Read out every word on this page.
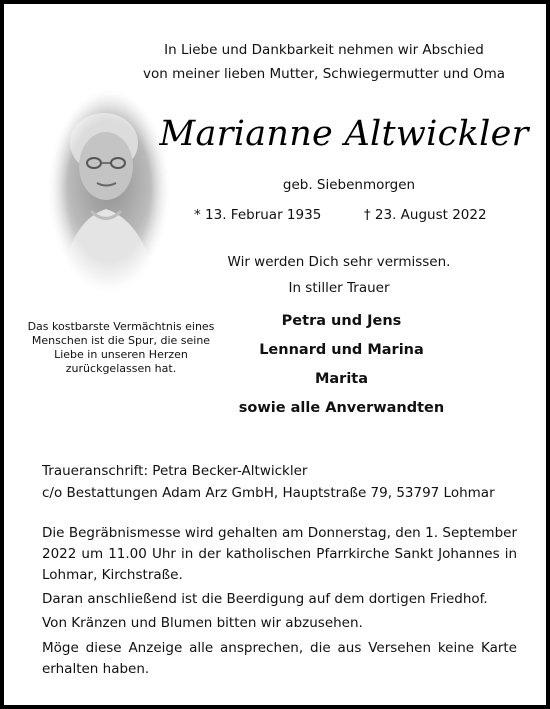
In Liebe und Dankbarkeit nehmen wir Abschied
von meiner lieben Mutter, Schwiegermutter und Oma
Marianne Altwickler
geb. Siebenmorgen
* 13. Februar 1935	† 23. August 2022
Wir werden Dich sehr vermissen.
In stiller Trauer
Das kostbarste Vermächtnis eines Menschen ist die Spur, die seine Liebe in unseren Herzen zurückgelassen hat.
Petra und Jens
Lennard und Marina
Marita
sowie alle Anverwandten
Traueranschrift: Petra Becker-Altwickler
c/o Bestattungen Adam Arz GmbH, Hauptstraße 79, 53797 Lohmar
Die Begräbnismesse wird gehalten am Donnerstag, den 1. September 2022 um 11.00 Uhr in der katholischen Pfarrkirche Sankt Johannes in Lohmar, Kirchstraße.
Daran anschließend ist die Beerdigung auf dem dortigen Friedhof.
Von Kränzen und Blumen bitten wir abzusehen.
Möge diese Anzeige alle ansprechen, die aus Versehen keine Karte erhalten haben.
